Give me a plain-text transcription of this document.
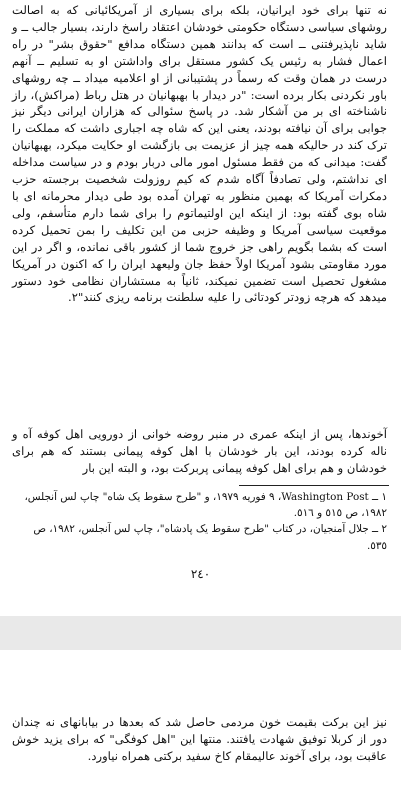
نه تنها برای خود ایرانیان، بلکه برای بسیاری از آمریکائیانی که به اصالت روشهای سیاسی دستگاه حکومتی خودشان اعتقاد راسخ دارند، بسیار جالب ــ و شاید ناپذیرفتنی ــ است که بدانند همین دستگاه مدافع "حقوق بشر" در راه اعمال فشار به رئیس یک کشور مستقل برای واداشتن او به تسلیم ــ آنهم درست در همان وقت که رسماً در پشتیبانی از او اعلامیه میداد ــ چه روشهای باور نکردنی بکار برده است: "در دیدار با بهبهانیان در هتل رباط (مراکش)، راز ناشناخته ای بر من آشکار شد. در پاسخ سئوالی که هزاران ایرانی دیگر نیز جوابی برای آن نیافته بودند، یعنی این که شاه چه اجباری داشت که مملکت را ترک کند در حالیکه همه چیز از عزیمت بی بازگشت او حکایت میکرد، بهبهانیان گفت: میدانی که من فقط مسئول امور مالی دربار بودم و در سیاست مداخله ای نداشتم، ولی تصادفاً آگاه شدم که کیم روزولت شخصیت برجسته حزب دمکرات آمریکا که بهمین منظور به تهران آمده بود طی دیدار محرمانه ای با شاه بوی گفته بود: از اینکه این اولتیماتوم را برای شما دارم متأسفم، ولی موقعیت سیاسی آمریکا و وظیفه حزبی من این تکلیف را بمن تحمیل کرده است که بشما بگویم راهی جز خروج شما از کشور باقی نمانده، و اگر در این مورد مقاومتی بشود آمریکا اولاً حفظ جان ولیعهد ایران را که اکنون در آمریکا مشغول تحصیل است تضمین نمیکند، ثانیاً به مستشاران نظامی خود دستور میدهد که هرچه زودتر کودتائی را علیه سلطنت برنامه ریزی کنند"٢.

آخوندها، پس از اینکه عمری در منبر روضه خوانی از دورویی اهل کوفه آه و ناله کرده بودند، این بار خودشان با اهل کوفه پیمانی بستند که هم برای خودشان و هم برای اهل کوفه پیمانی پربرکت بود، و البته این بار

١ ــ Washington Post، ٩ فوریه ١٩٧٩، و "طرح سقوط یک شاه" چاپ لس آنجلس، ١٩٨٢، ص ٥١٥ و ٥١٦.
٢ ــ جلال آمنجیان، در کتاب "طرح سقوط یک پادشاه"، چاپ لس آنجلس، ١٩٨٢، ص ٥٣٥.
٢٤٠

نیز این برکت بقیمت خون مردمی حاصل شد که بعدها در بیابانهای نه چندان دور از کربلا توفیق شهادت یافتند. منتها این "اهل کوفگی" که برای یزید خوش عاقبت بود، برای آخوند عالیمقام کاخ سفید برکتی همراه نیاورد.
